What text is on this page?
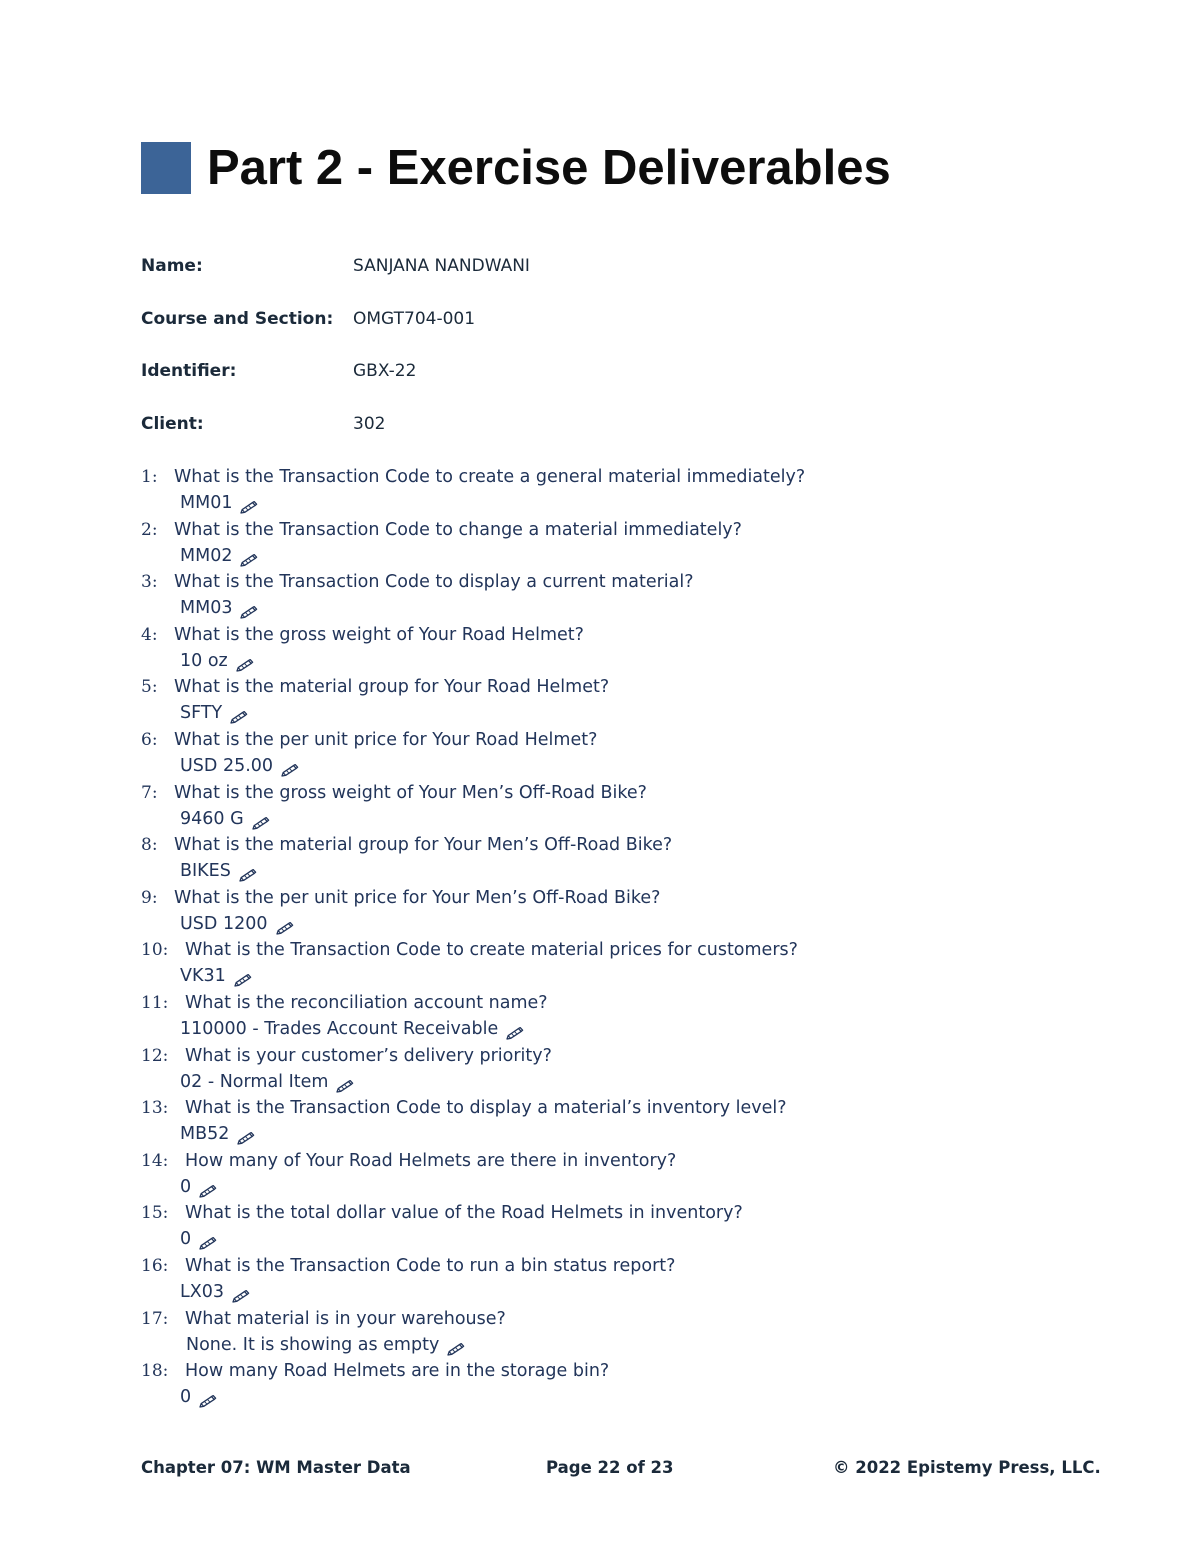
Part 2 - Exercise Deliverables
Name:	SANJANA NANDWANI
Course and Section:	OMGT704-001
Identifier:	GBX-22
Client:	302
1: What is the Transaction Code to create a general material immediately?
MM01
2: What is the Transaction Code to change a material immediately?
MM02
3: What is the Transaction Code to display a current material?
MM03
4: What is the gross weight of Your Road Helmet?
10 oz
5: What is the material group for Your Road Helmet?
SFTY
6: What is the per unit price for Your Road Helmet?
USD 25.00
7: What is the gross weight of Your Men’s Off-Road Bike?
9460 G
8: What is the material group for Your Men’s Off-Road Bike?
BIKES
9: What is the per unit price for Your Men’s Off-Road Bike?
USD 1200
10: What is the Transaction Code to create material prices for customers?
VK31
11: What is the reconciliation account name?
110000 - Trades Account Receivable
12: What is your customer’s delivery priority?
02 - Normal Item
13: What is the Transaction Code to display a material’s inventory level?
MB52
14: How many of Your Road Helmets are there in inventory?
0
15: What is the total dollar value of the Road Helmets in inventory?
0
16: What is the Transaction Code to run a bin status report?
LX03
17: What material is in your warehouse?
None. It is showing as empty
18: How many Road Helmets are in the storage bin?
0
Chapter 07: WM Master Data	Page 22 of 23	© 2022 Epistemy Press, LLC.
